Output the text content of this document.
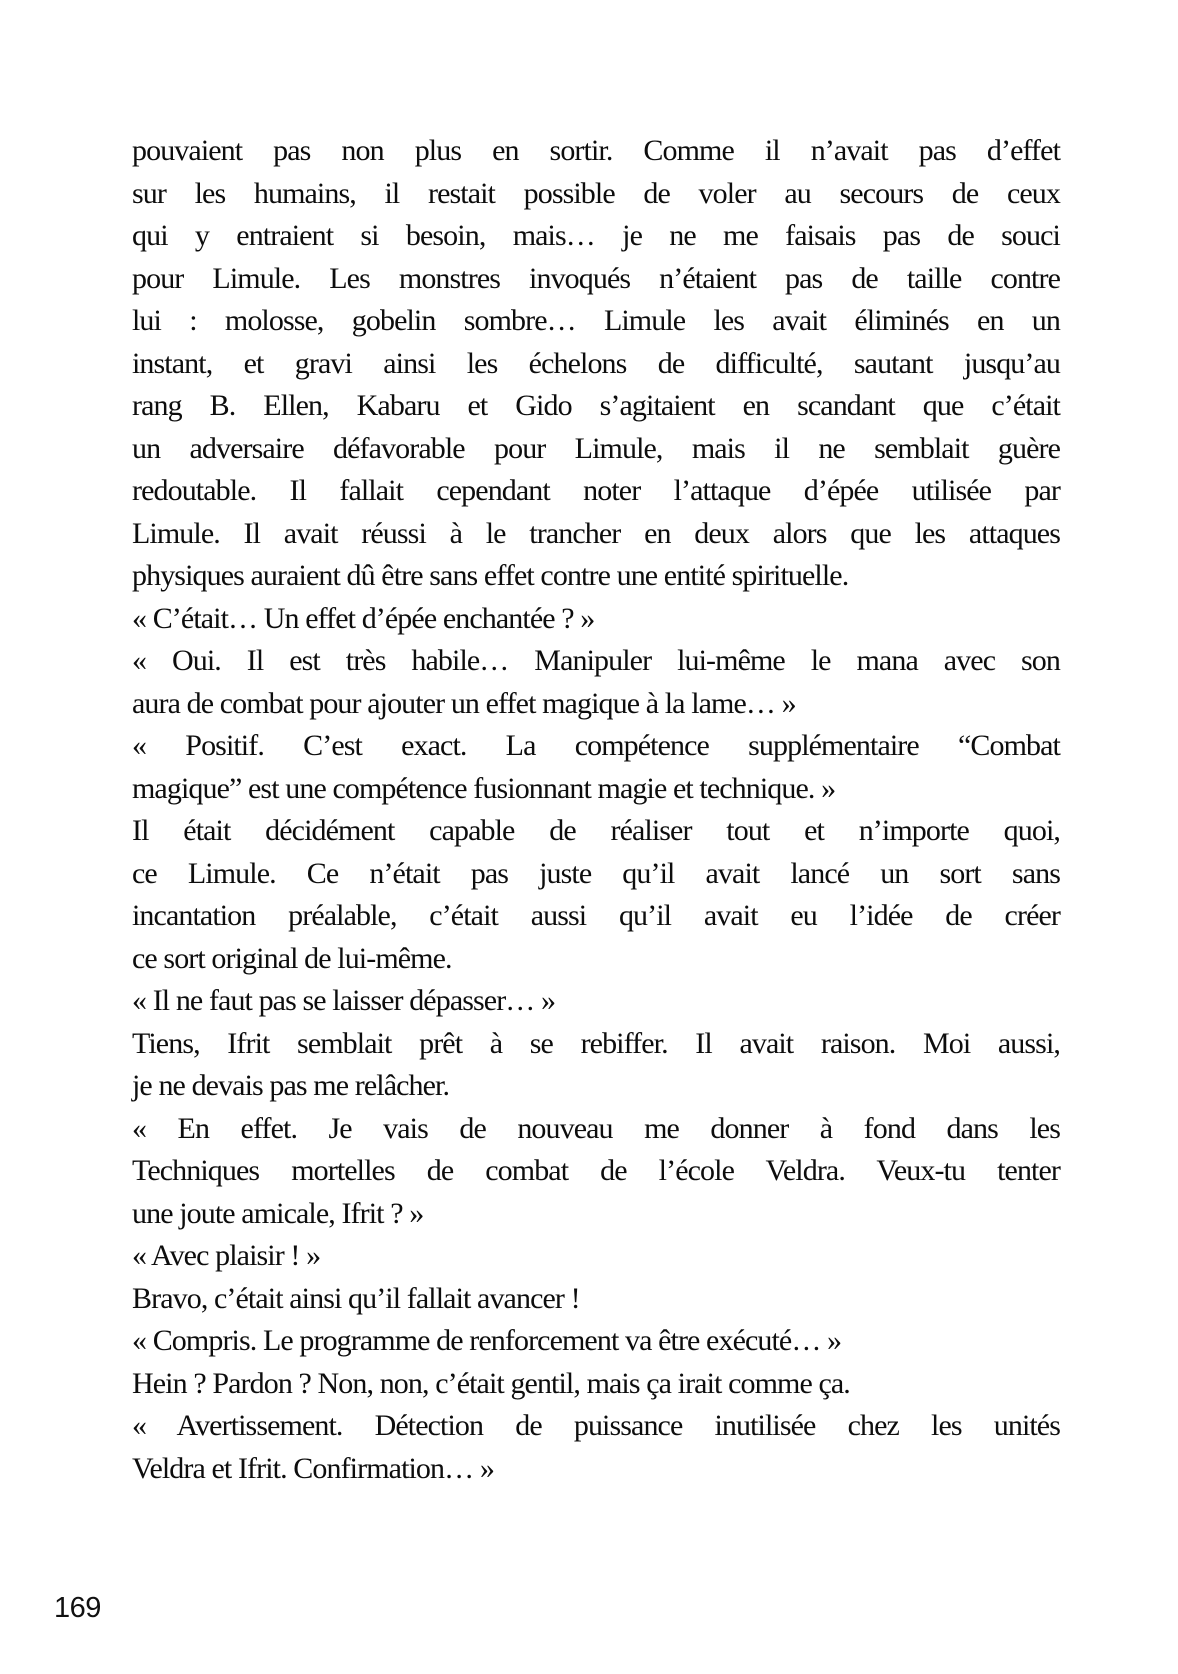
pouvaient pas non plus en sortir. Comme il n’avait pas d’effet
sur les humains, il restait possible de voler au secours de ceux
qui y entraient si besoin, mais… je ne me faisais pas de souci
pour Limule. Les monstres invoqués n’étaient pas de taille contre
lui : molosse, gobelin sombre… Limule les avait éliminés en un
instant, et gravi ainsi les échelons de difficulté, sautant jusqu’au
rang B. Ellen, Kabaru et Gido s’agitaient en scandant que c’était
un adversaire défavorable pour Limule, mais il ne semblait guère
redoutable. Il fallait cependant noter l’attaque d’épée utilisée par
Limule. Il avait réussi à le trancher en deux alors que les attaques
physiques auraient dû être sans effet contre une entité spirituelle.
« C’était… Un effet d’épée enchantée ? »
« Oui. Il est très habile… Manipuler lui-même le mana avec son
aura de combat pour ajouter un effet magique à la lame… »
« Positif. C’est exact. La compétence supplémentaire “Combat
magique” est une compétence fusionnant magie et technique. »
Il était décidément capable de réaliser tout et n’importe quoi,
ce Limule. Ce n’était pas juste qu’il avait lancé un sort sans
incantation préalable, c’était aussi qu’il avait eu l’idée de créer
ce sort original de lui-même.
« Il ne faut pas se laisser dépasser… »
Tiens, Ifrit semblait prêt à se rebiffer. Il avait raison. Moi aussi,
je ne devais pas me relâcher.
« En effet. Je vais de nouveau me donner à fond dans les
Techniques mortelles de combat de l’école Veldra. Veux-tu tenter
une joute amicale, Ifrit ? »
« Avec plaisir ! »
Bravo, c’était ainsi qu’il fallait avancer !
« Compris. Le programme de renforcement va être exécuté… »
Hein ? Pardon ? Non, non, c’était gentil, mais ça irait comme ça.
« Avertissement. Détection de puissance inutilisée chez les unités
Veldra et Ifrit. Confirmation… »
169
